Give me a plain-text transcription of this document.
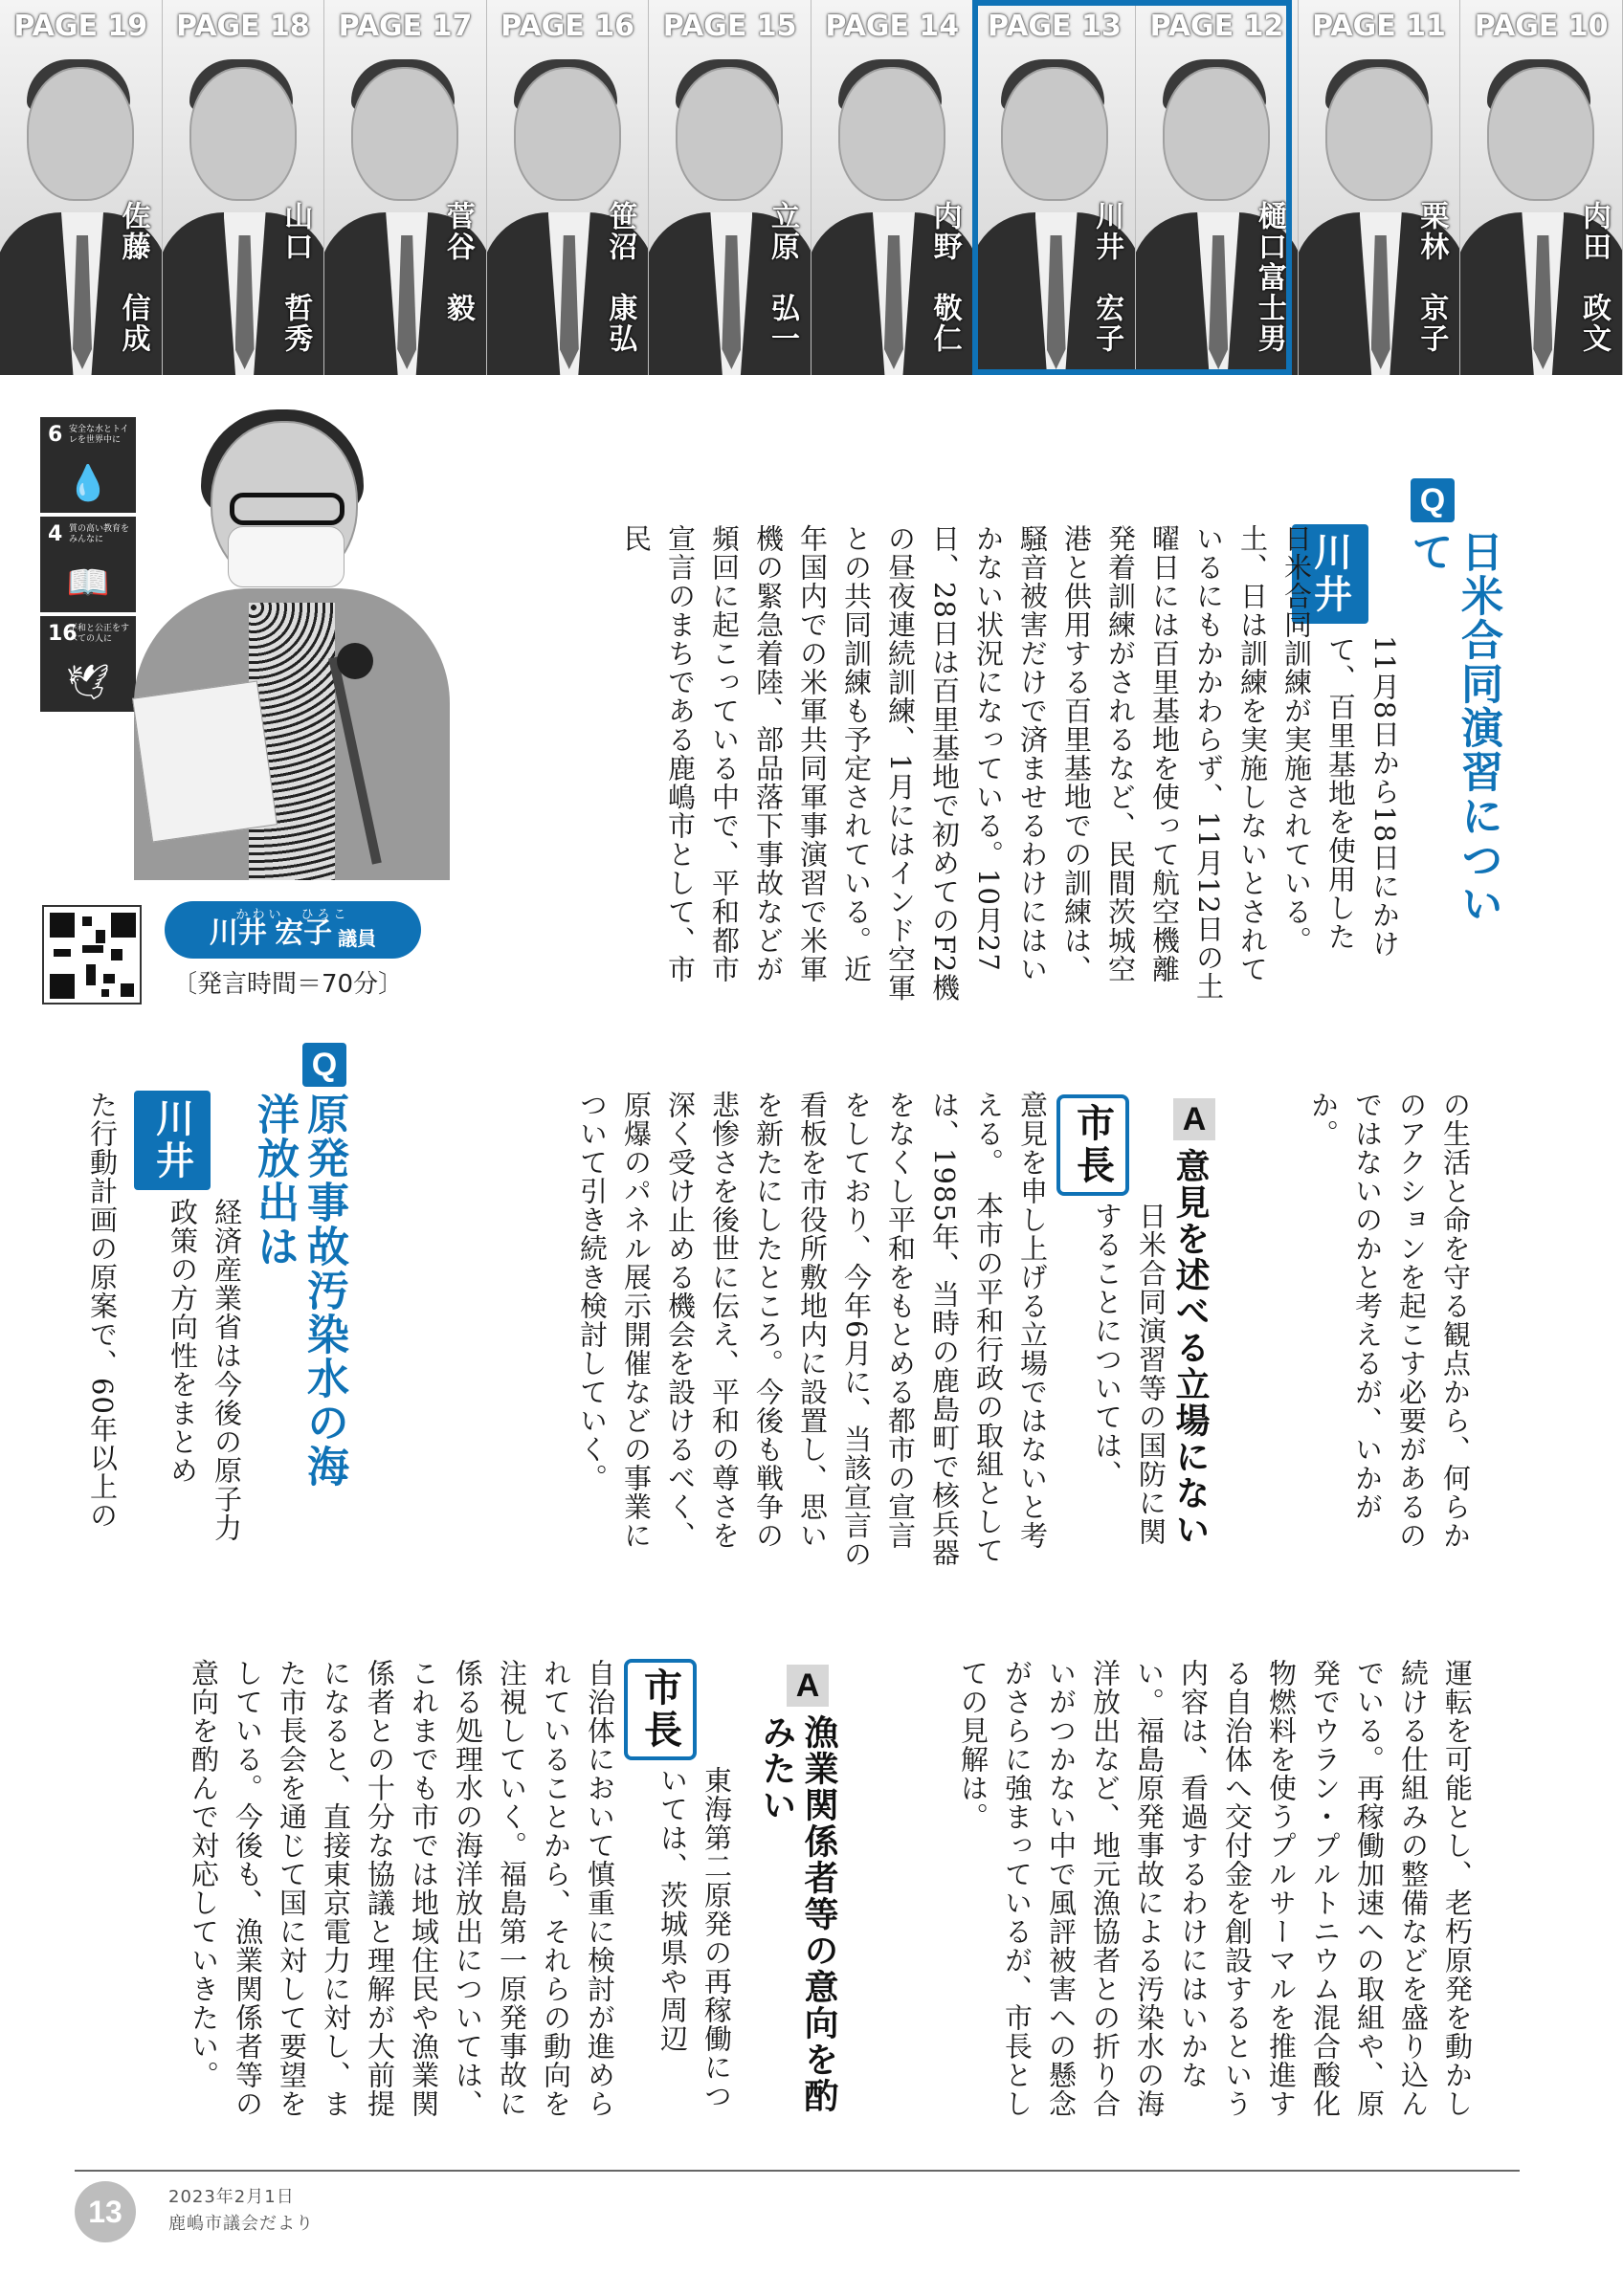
PAGE 19
佐藤　信成
PAGE 18
山口　哲秀
PAGE 17
菅谷　毅
PAGE 16
笹沼　康弘
PAGE 15
立原　弘一
PAGE 14
内野　敬仁
PAGE 13
川井　宏子
PAGE 12
樋口富士男
PAGE 11
栗林　京子
PAGE 10
内田　政文
6 安全な水とトイレを世界中に
💧
4 質の高い教育をみんなに
📖
16
平和と公正をすべての人に
🕊
かわい　ひろこ
川井 宏子 議員
〔発言時間＝70分〕
Q
日米合同演習について
川井
11月8日から18日にかけて、百里基地を使用した
日米合同訓練が実施されている。土、日は訓練を実施しないとされているにもかかわらず、11月12日の土曜日には百里基地を使って航空機離発着訓練がされるなど、民間茨城空港と供用する百里基地での訓練は、騒音被害だけで済ませるわけにはいかない状況になっている。10月27日、28日は百里基地で初めてのF2機の昼夜連続訓練、1月にはインド空軍との共同訓練も予定されている。近年国内での米軍共同軍事演習で米軍機の緊急着陸、部品落下事故などが頻回に起こっている中で、平和都市宣言のまちである鹿嶋市として、市民
の生活と命を守る観点から、何らかのアクションを起こす必要があるのではないのかと考えるが、いかがか。
A
意見を述べる立場にない
市長
日米合同演習等の国防に関することについては、
意見を申し上げる立場ではないと考える。　本市の平和行政の取組としては、1985年、当時の鹿島町で核兵器をなくし平和をもとめる都市の宣言をしており、今年6月に、当該宣言の看板を市役所敷地内に設置し、思いを新たにしたところ。今後も戦争の悲惨さを後世に伝え、平和の尊さを深く受け止める機会を設けるべく、原爆のパネル展示開催などの事業について引き続き検討していく。
Q
原発事故汚染水の海洋放出は
川井
経済産業省は今後の原子力政策の方向性をまとめ
た行動計画の原案で、60年以上の
運転を可能とし、老朽原発を動かし続ける仕組みの整備などを盛り込んでいる。再稼働加速への取組や、原発でウラン・プルトニウム混合酸化物燃料を使うプルサーマルを推進する自治体へ交付金を創設するという内容は、看過するわけにはいかない。福島原発事故による汚染水の海洋放出など、地元漁協者との折り合いがつかない中で風評被害への懸念がさらに強まっているが、市長としての見解は。
A
漁業関係者等の意向を酌みたい
市長
東海第二原発の再稼働については、茨城県や周辺
自治体において慎重に検討が進められていることから、それらの動向を注視していく。福島第一原発事故に係る処理水の海洋放出については、これまでも市では地域住民や漁業関係者との十分な協議と理解が大前提になると、直接東京電力に対し、また市長会を通じて国に対して要望をしている。今後も、漁業関係者等の意向を酌んで対応していきたい。
13	2023年2月1日
鹿嶋市議会だより
